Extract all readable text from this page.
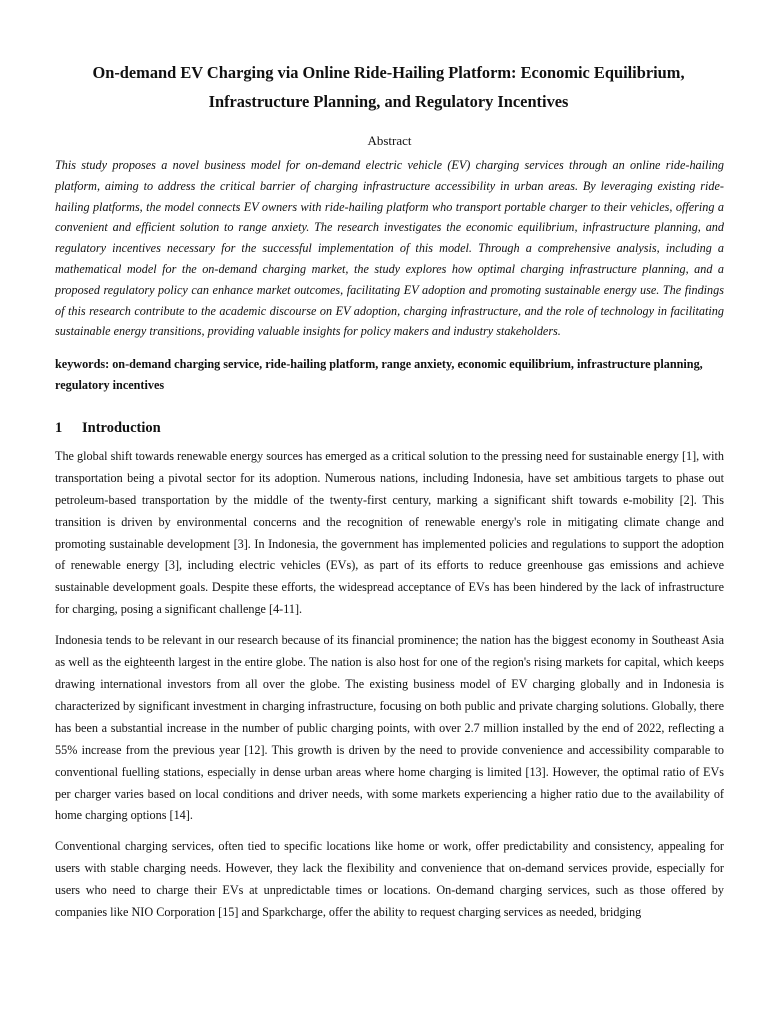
On-demand EV Charging via Online Ride-Hailing Platform: Economic Equilibrium,
Infrastructure Planning, and Regulatory Incentives
Abstract

This study proposes a novel business model for on-demand electric vehicle (EV) charging services through an online ride-hailing platform, aiming to address the critical barrier of charging infrastructure accessibility in urban areas. By leveraging existing ride-hailing platforms, the model connects EV owners with ride-hailing platform who transport portable charger to their vehicles, offering a convenient and efficient solution to range anxiety. The research investigates the economic equilibrium, infrastructure planning, and regulatory incentives necessary for the successful implementation of this model. Through a comprehensive analysis, including a mathematical model for the on-demand charging market, the study explores how optimal charging infrastructure planning, and a proposed regulatory policy can enhance market outcomes, facilitating EV adoption and promoting sustainable energy use. The findings of this research contribute to the academic discourse on EV adoption, charging infrastructure, and the role of technology in facilitating sustainable energy transitions, providing valuable insights for policy makers and industry stakeholders.

keywords: on-demand charging service, ride-hailing platform, range anxiety, economic equilibrium, infrastructure planning, regulatory incentives
1	Introduction

The global shift towards renewable energy sources has emerged as a critical solution to the pressing need for sustainable energy [1], with transportation being a pivotal sector for its adoption. Numerous nations, including Indonesia, have set ambitious targets to phase out petroleum-based transportation by the middle of the twenty-first century, marking a significant shift towards e-mobility [2]. This transition is driven by environmental concerns and the recognition of renewable energy's role in mitigating climate change and promoting sustainable development [3]. In Indonesia, the government has implemented policies and regulations to support the adoption of renewable energy [3], including electric vehicles (EVs), as part of its efforts to reduce greenhouse gas emissions and achieve sustainable development goals. Despite these efforts, the widespread acceptance of EVs has been hindered by the lack of infrastructure for charging, posing a significant challenge [4-11].

Indonesia tends to be relevant in our research because of its financial prominence; the nation has the biggest economy in Southeast Asia as well as the eighteenth largest in the entire globe. The nation is also host for one of the region's rising markets for capital, which keeps drawing international investors from all over the globe. The existing business model of EV charging globally and in Indonesia is characterized by significant investment in charging infrastructure, focusing on both public and private charging solutions. Globally, there has been a substantial increase in the number of public charging points, with over 2.7 million installed by the end of 2022, reflecting a 55% increase from the previous year [12]. This growth is driven by the need to provide convenience and accessibility comparable to conventional fuelling stations, especially in dense urban areas where home charging is limited [13]. However, the optimal ratio of EVs per charger varies based on local conditions and driver needs, with some markets experiencing a higher ratio due to the availability of home charging options [14].

Conventional charging services, often tied to specific locations like home or work, offer predictability and consistency, appealing for users with stable charging needs. However, they lack the flexibility and convenience that on-demand services provide, especially for users who need to charge their EVs at unpredictable times or locations. On-demand charging services, such as those offered by companies like NIO Corporation [15] and Sparkcharge, offer the ability to request charging services as needed, bridging
